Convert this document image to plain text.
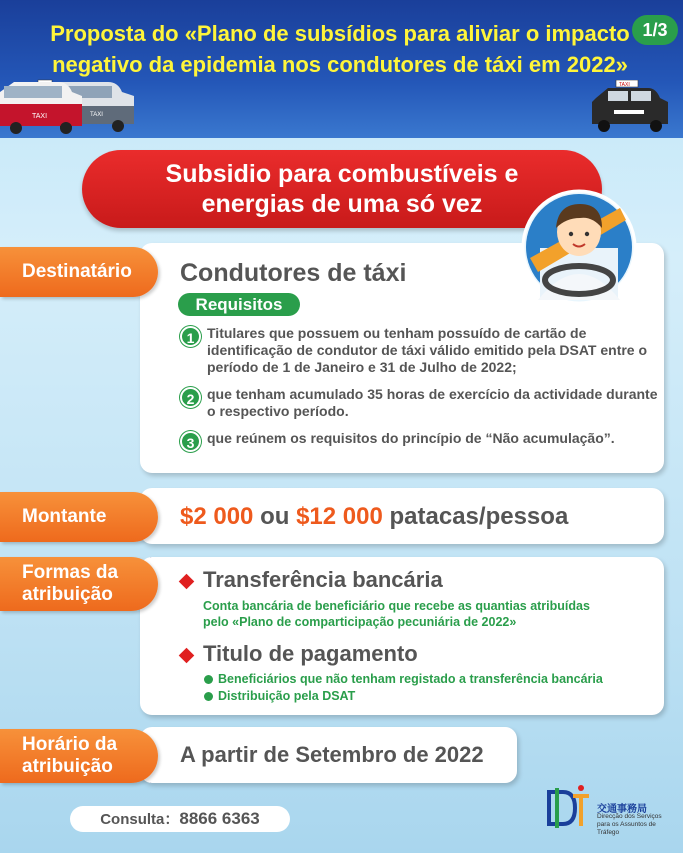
Proposta do «Plano de subsídios para aliviar o impacto negativo da epidemia nos condutores de táxi em 2022»
1/3
TAXI
TAXI
TAXI
Subsidio para combustíveis e
energias de uma só vez
Destinatário	Condutores de táxi
Requisitos
1 Titulares que possuem ou tenham possuído de cartão de identificação de condutor de táxi válido emitido pela DSAT entre o período de 1 de Janeiro e 31 de Julho de 2022;
2 que tenham acumulado 35 horas de exercício da actividade durante o respectivo período.
3 que reúnem os requisitos do princípio de “Não acumulação”.
Montante	$2 000 ou $12 000 patacas/pessoa
Formas da
atribuição
Transferência bancária
Conta bancária de beneficiário que recebe as quantias atribuídas
pelo «Plano de comparticipação pecuniária de 2022»
Titulo de pagamento
Beneficiários que não tenham registado a transferência bancária
Distribuição pela DSAT
Horário da
atribuição	A partir de Setembro de 2022
Consulta：8866 6363	交通事務局
Direcção dos Serviços
para os Assuntos de Tráfego
